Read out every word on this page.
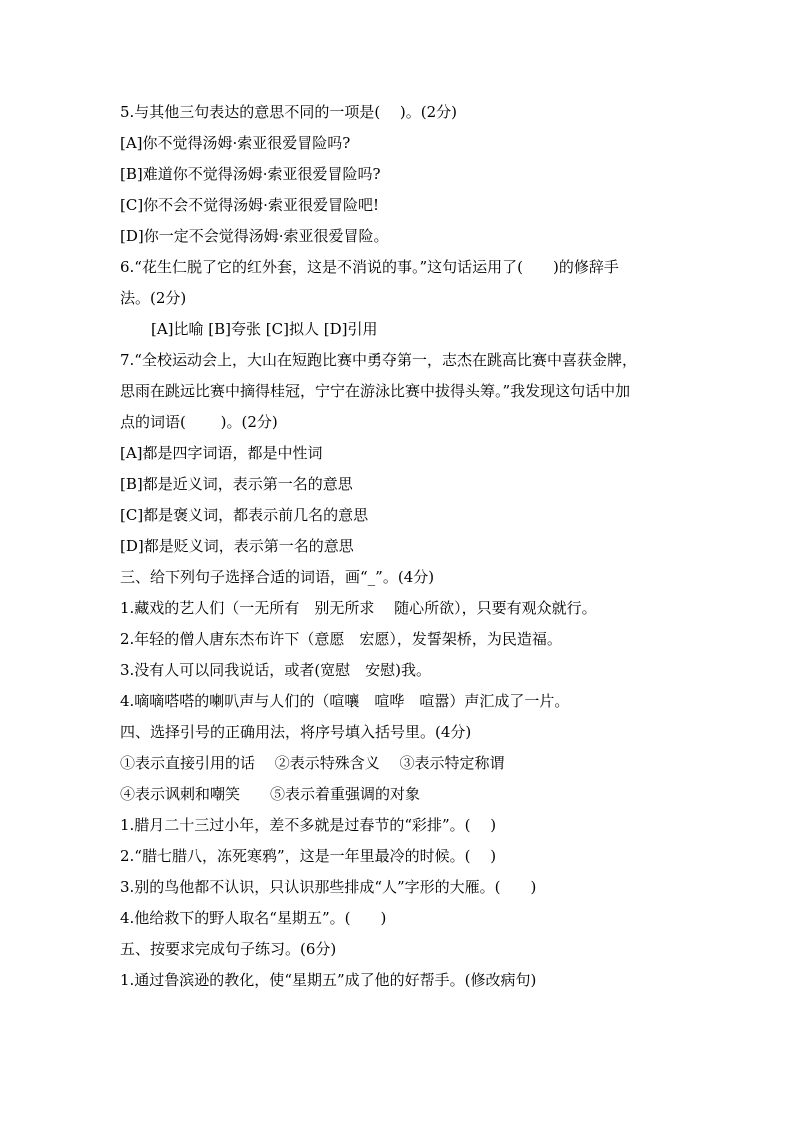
5.与其他三句表达的意思不同的一项是(　 )。(2分)
[A]你不觉得汤姆·索亚很爱冒险吗?
[B]难道你不觉得汤姆·索亚很爱冒险吗?
[C]你不会不觉得汤姆·索亚很爱冒险吧!
[D]你一定不会觉得汤姆·索亚很爱冒险。
6.“花生仁脱了它的红外套，这是不消说的事。”这句话运用了(　　)的修辞手
法。(2分)
[A]比喻 [B]夸张 [C]拟人 [D]引用
7.“全校运动会上，大山在短跑比赛中勇夺第一，志杰在跳高比赛中喜获金牌，
思雨在跳远比赛中摘得桂冠，宁宁在游泳比赛中拔得头筹。”我发现这句话中加
点的词语(　　 )。(2分)
[A]都是四字词语，都是中性词
[B]都是近义词，表示第一名的意思
[C]都是褒义词，都表示前几名的意思
[D]都是贬义词，表示第一名的意思
三、给下列句子选择合适的词语，画“_”。(4分)
1.藏戏的艺人们（一无所有　别无所求　 随心所欲），只要有观众就行。
2.年轻的僧人唐东杰布许下（意愿　宏愿），发誓架桥，为民造福。
3.没有人可以同我说话，或者(宽慰　安慰)我。
4.嘀嘀嗒嗒的喇叭声与人们的（喧嚷　喧哗　喧嚣）声汇成了一片。
四、选择引号的正确用法，将序号填入括号里。(4分)
①表示直接引用的话　 ②表示特殊含义　 ③表示特定称谓
④表示讽刺和嘲笑　　⑤表示着重强调的对象
1.腊月二十三过小年，差不多就是过春节的“彩排”。(　 )
2.“腊七腊八，冻死寒鸦”，这是一年里最冷的时候。(　 )
3.别的鸟他都不认识，只认识那些排成“人”字形的大雁。(　　)
4.他给救下的野人取名“星期五”。(　　)
五、按要求完成句子练习。(6分)
1.通过鲁滨逊的教化，使“星期五”成了他的好帮手。(修改病句)
